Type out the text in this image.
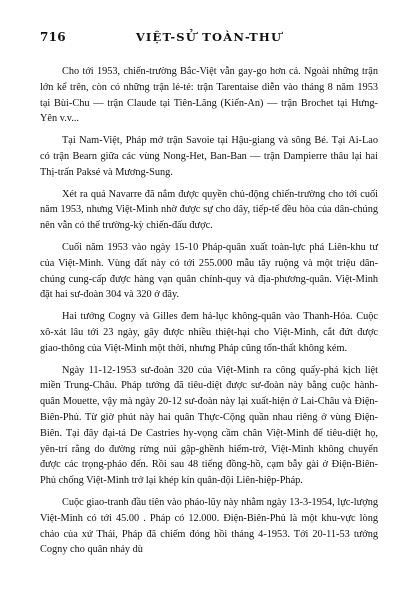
716	VIỆT-SỬ TOÀN-THƯ

Cho tới 1953, chiến-trường Bắc-Việt vẫn gay-go hơn cả. Ngoài những trận lớn kể trên, còn có những trận lẻ-tẻ: trận Tarentaise diễn vào tháng 8 năm 1953 tại Bùi-Chu — trận Claude tại Tiên-Lãng (Kiến-An) — trận Brochet tại Hưng-Yên v.v...

Tại Nam-Việt, Pháp mở trận Savoie tại Hậu-giang và sông Bé. Tại Ai-Lao có trận Bearn giữa các vùng Nong-Het, Ban-Ban — trận Dampierre thâu lại hai Thị-trấn Paksé và Mương-Sung.

Xét ra quả Navarre đã nắm được quyền chủ-động chiến-trường cho tới cuối năm 1953, nhưng Việt-Minh nhờ được sự cho dây, tiếp-tế đều hòa của dân-chúng nên vẫn có thế trường-kỳ chiến-đấu được.

Cuối năm 1953 vào ngày 15-10 Pháp-quân xuất toàn-lực phá Liên-khu tư của Việt-Minh. Vùng đất này có tới 255.000 mẫu tây ruộng và một triệu dân-chúng cung-cấp được hàng vạn quân chính-quy và địa-phương-quân. Việt-Minh đặt hai sư-đoàn 304 và 320 ở đây.

Hai tướng Cogny và Gilles đem hả-lục không-quân vào Thanh-Hóa. Cuộc xô-xát lâu tới 23 ngày, gây được nhiều thiệt-hại cho Việt-Minh, cắt đứt được giao-thông của Việt-Minh một thời, nhưng Pháp cũng tổn-thất không kém.

Ngày 11-12-1953 sư-đoàn 320 của Việt-Minh ra công quấy-phá kịch liệt miền Trung-Châu. Pháp tưởng đã tiêu-diệt được sư-đoàn này bằng cuộc hành-quân Mouette, vậy mà ngày 20-12 sư-đoàn này lại xuất-hiện ở Lai-Châu và Điện-Biên-Phủ. Từ giờ phút này hai quân Thực-Cộng quần nhau riêng ở vùng Điện-Biên. Tại đây đại-tá De Castries hy-vọng cầm chân Việt-Minh để tiêu-diệt họ, yên-trí rằng do đường rừng núi gập-ghềnh hiểm-trở, Việt-Minh không chuyển được các trọng-pháo đến. Rồi sau 48 tiếng đồng-hồ, cạm bẫy gài ở Điện-Biên-Phủ chống Việt-Minh trở lại khép kín quân-đội Liên-hiệp-Pháp.

Cuộc giao-tranh đầu tiên vào pháo-lũy này nhằm ngày 13-3-1954, lực-lượng Việt-Minh có tới 45.00 . Pháp có 12.000. Điện-Biên-Phủ là một khu-vực lòng chảo của xứ Thái, Pháp đã chiếm đóng hồi tháng 4-1953. Tới 20-11-53 tướng Cogny cho quân nhảy dù
